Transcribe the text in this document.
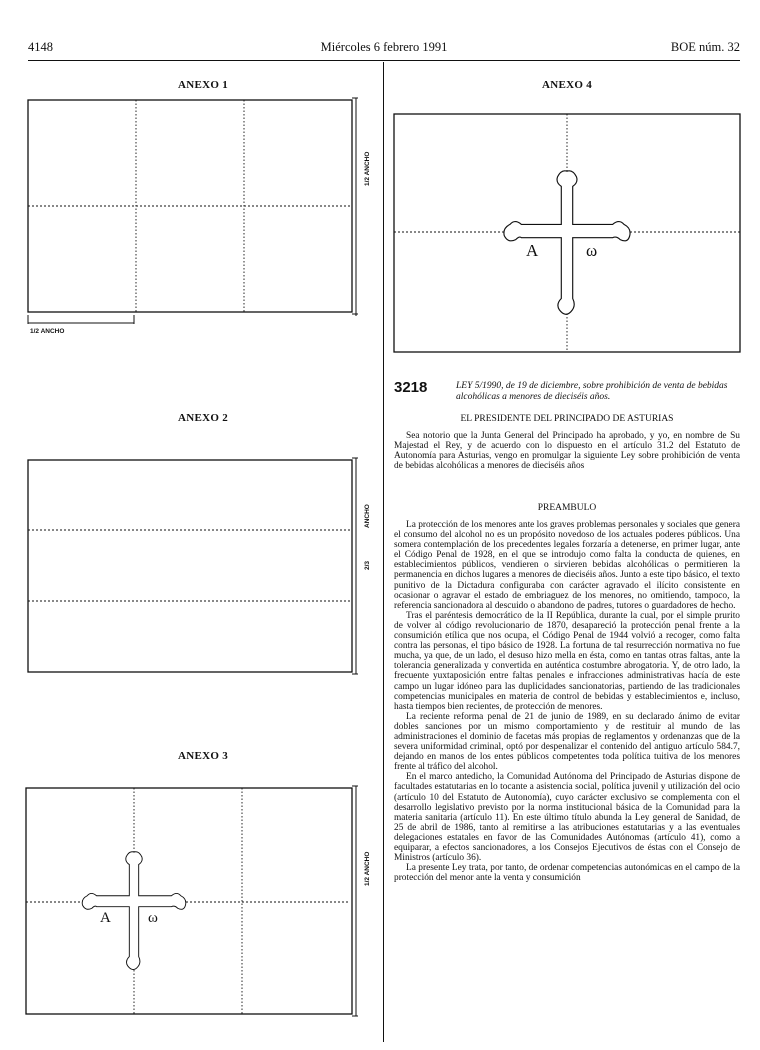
4148	Miércoles 6 febrero 1991	BOE núm. 32
ANEXO 1
1/2 ANCHO
1/2 ANCHO
ANEXO 2
ANCHO
2/3
ANEXO 3
A ω
1/2 ANCHO
ANEXO 4
A	ω
3218	LEY 5/1990, de 19 de diciembre, sobre prohibición de venta de bebidas alcohólicas a menores de dieciséis años.

EL PRESIDENTE DEL PRINCIPADO DE ASTURIAS

Sea notorio que la Junta General del Principado ha aprobado, y yo, en nombre de Su Majestad el Rey, y de acuerdo con lo dispuesto en el artículo 31.2 del Estatuto de Autonomía para Asturias, vengo en promulgar la siguiente Ley sobre prohibición de venta de bebidas alcohólicas a menores de dieciséis años

PREAMBULO

La protección de los menores ante los graves problemas personales y sociales que genera el consumo del alcohol no es un propósito novedoso de los actuales poderes públicos. Una somera contemplación de los precedentes legales forzaría a detenerse, en primer lugar, ante el Código Penal de 1928, en el que se introdujo como falta la conducta de quienes, en establecimientos públicos, vendieren o sirvieren bebidas alcohólicas o permitieren la permanencia en dichos lugares a menores de dieciséis años. Junto a este tipo básico, el texto punitivo de la Dictadura configuraba con carácter agravado el ilícito consistente en ocasionar o agravar el estado de embriaguez de los menores, no omitiendo, tampoco, la referencia sancionadora al descuido o abandono de padres, tutores o guardadores de hecho.

Tras el paréntesis democrático de la II República, durante la cual, por el simple prurito de volver al código revolucionario de 1870, desapareció la protección penal frente a la consumición etílica que nos ocupa, el Código Penal de 1944 volvió a recoger, como falta contra las personas, el tipo básico de 1928. La fortuna de tal resurrección normativa no fue mucha, ya que, de un lado, el desuso hizo mella en ésta, como en tantas otras faltas, ante la tolerancia generalizada y convertida en auténtica costumbre abrogatoria. Y, de otro lado, la frecuente yuxtaposición entre faltas penales e infracciones administrativas hacía de este campo un lugar idóneo para las duplicidades sancionatorias, partiendo de las tradicionales competencias municipales en materia de control de bebidas y establecimientos e, incluso, hasta tiempos bien recientes, de protección de menores.

La reciente reforma penal de 21 de junio de 1989, en su declarado ánimo de evitar dobles sanciones por un mismo comportamiento y de restituir al mundo de las administraciones el dominio de facetas más propias de reglamentos y ordenanzas que de la severa uniformidad criminal, optó por despenalizar el contenido del antiguo artículo 584.7, dejando en manos de los entes públicos competentes toda política tuitiva de los menores frente al tráfico del alcohol.

En el marco antedicho, la Comunidad Autónoma del Principado de Asturias dispone de facultades estatutarias en lo tocante a asistencia social, política juvenil y utilización del ocio (artículo 10 del Estatuto de Autonomía), cuyo carácter exclusivo se complementa con el desarrollo legislativo previsto por la norma institucional básica de la Comunidad para la materia sanitaria (artículo 11). En este último título abunda la Ley general de Sanidad, de 25 de abril de 1986, tanto al remitirse a las atribuciones estatutarias y a las eventuales delegaciones estatales en favor de las Comunidades Autónomas (artículo 41), como a equiparar, a efectos sancionadores, a los Consejos Ejecutivos de éstas con el Consejo de Ministros (artículo 36).

La presente Ley trata, por tanto, de ordenar competencias autonómicas en el campo de la protección del menor ante la venta y consumición
